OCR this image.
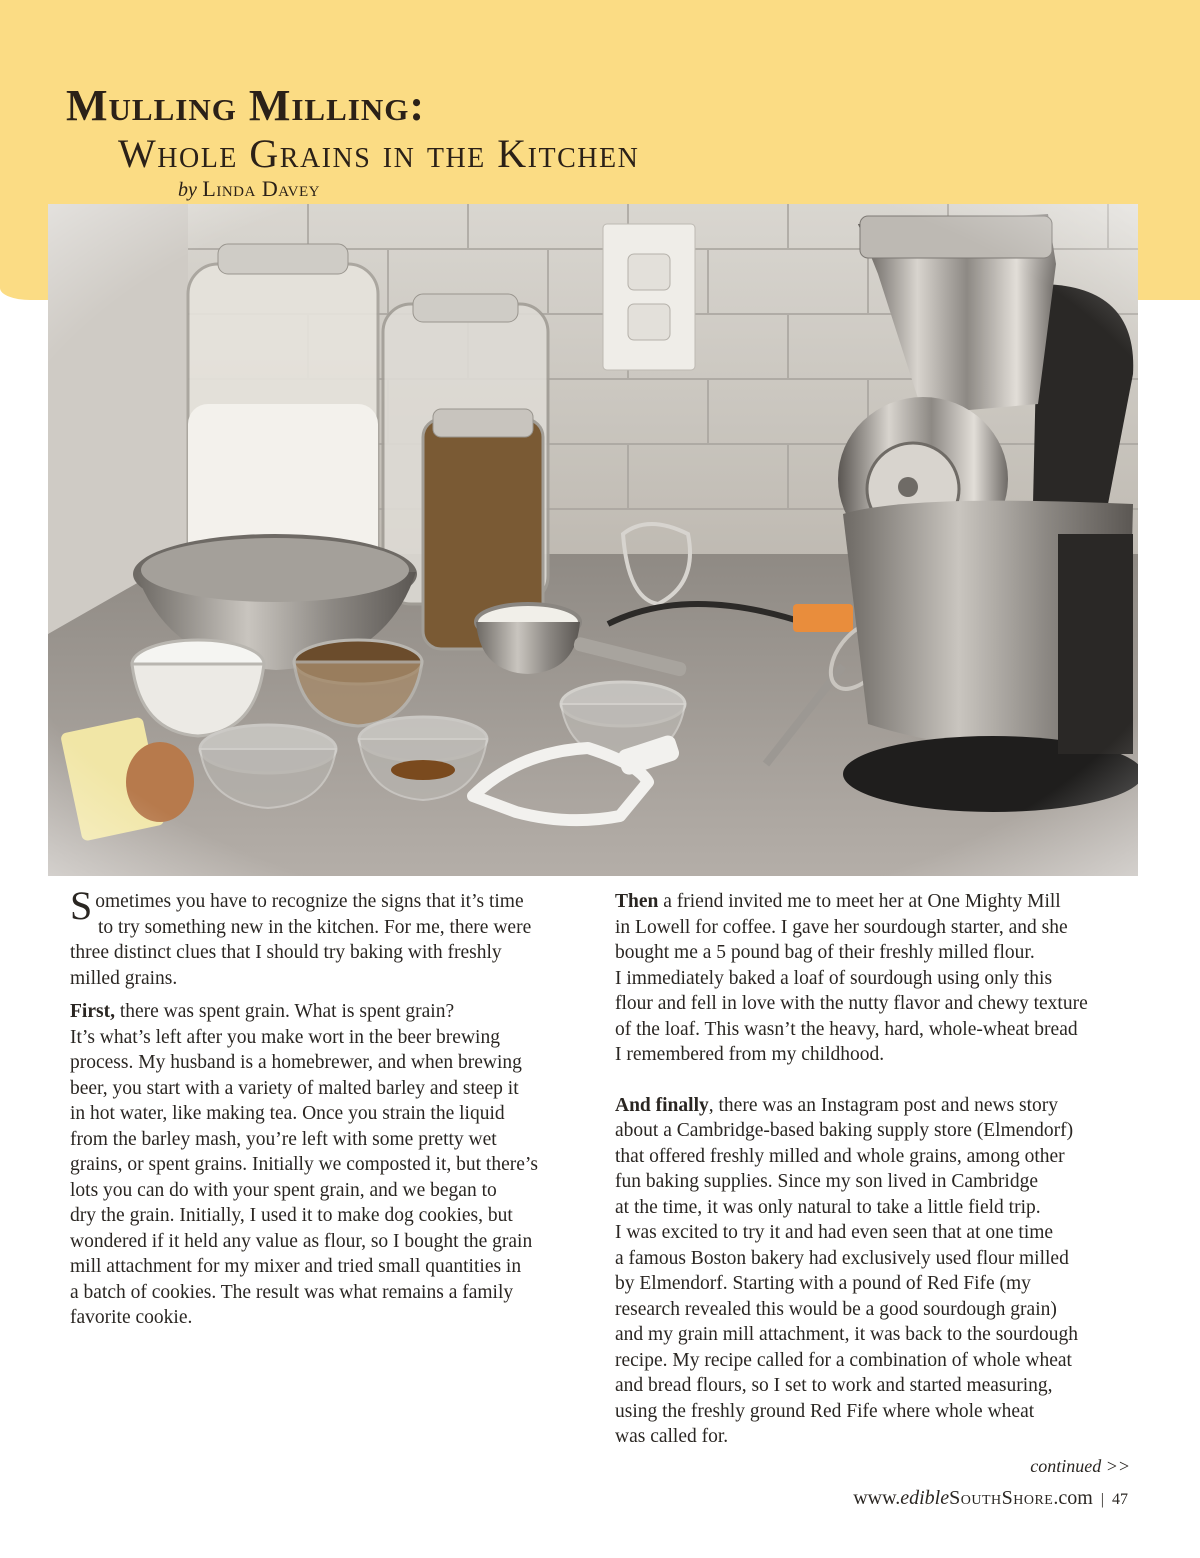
Mulling Milling:
Whole Grains in the Kitchen
by Linda Davey

S ometimes you have to recognize the signs that it’s time
to try something new in the kitchen. For me, there were
three distinct clues that I should try baking with freshly
milled grains.

First, there was spent grain. What is spent grain?
It’s what’s left after you make wort in the beer brewing
process. My husband is a homebrewer, and when brewing
beer, you start with a variety of malted barley and steep it
in hot water, like making tea. Once you strain the liquid
from the barley mash, you’re left with some pretty wet
grains, or spent grains. Initially we composted it, but there’s
lots you can do with your spent grain, and we began to
dry the grain. Initially, I used it to make dog cookies, but
wondered if it held any value as flour, so I bought the grain
mill attachment for my mixer and tried small quantities in
a batch of cookies. The result was what remains a family
favorite cookie.

Then a friend invited me to meet her at One Mighty Mill
in Lowell for coffee. I gave her sourdough starter, and she
bought me a 5 pound bag of their freshly milled flour.
I immediately baked a loaf of sourdough using only this
flour and fell in love with the nutty flavor and chewy texture
of the loaf. This wasn’t the heavy, hard, whole-wheat bread
I remembered from my childhood.

And finally, there was an Instagram post and news story
about a Cambridge-based baking supply store (Elmendorf)
that offered freshly milled and whole grains, among other
fun baking supplies. Since my son lived in Cambridge
at the time, it was only natural to take a little field trip.
I was excited to try it and had even seen that at one time
a famous Boston bakery had exclusively used flour milled
by Elmendorf. Starting with a pound of Red Fife (my
research revealed this would be a good sourdough grain)
and my grain mill attachment, it was back to the sourdough
recipe. My recipe called for a combination of whole wheat
and bread flours, so I set to work and started measuring,
using the freshly ground Red Fife where whole wheat
was called for.

continued >>
www.edibleSouthShore.com | 47
